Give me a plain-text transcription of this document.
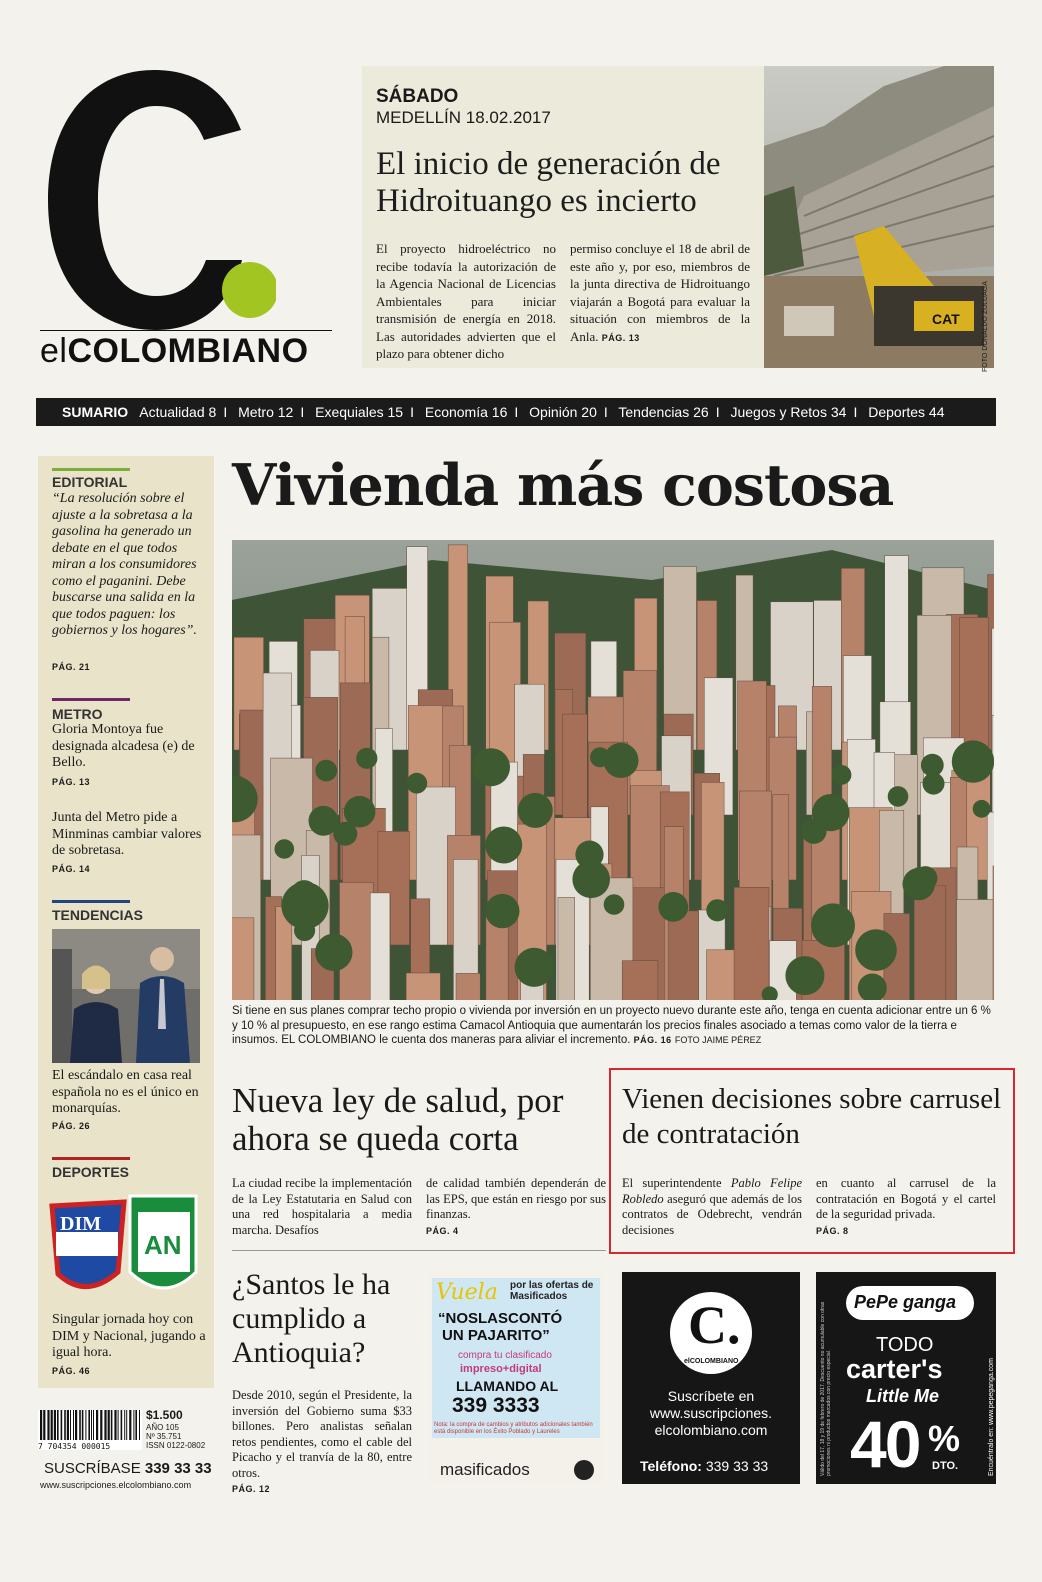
elCOLOMBIANO
SÁBADO
MEDELLÍN 18.02.2017
El inicio de generación de Hidroituango es incierto
El proyecto hidroeléctrico no recibe todavía la autorización de la Agencia Nacional de Licencias Ambientales para iniciar transmisión de energía en 2018. Las autoridades advierten que el plazo para obtener dicho
permiso concluye el 18 de abril de este año y, por eso, miembros de la junta directiva de Hidroituango viajarán a Bogotá para evaluar la situación con miembros de la Anla. PÁG. 13
CAT	FOTO DONALDO ZULUAGA
SUMARIO Actualidad 8 I Metro 12 I Exequiales 15 I Economía 16 I Opinión 20 I Tendencias 26 I Juegos y Retos 34 I Deportes 44
EDITORIAL
“La resolución sobre el ajuste a la sobretasa a la gasolina ha generado un debate en el que todos miran a los consumidores como el paganini. Debe buscarse una salida en la que todos paguen: los gobiernos y los hogares”.
PÁG. 21
METRO
Gloria Montoya fue designada alcadesa (e) de Bello.
PÁG. 13
Junta del Metro pide a Minminas cambiar valores de sobretasa.
PÁG. 14
TENDENCIAS
El escándalo en casa real española no es el único en monarquías.
PÁG. 26
DEPORTES
DIM
AN
Singular jornada hoy con DIM y Nacional, jugando a igual hora.
PÁG. 46
Vivienda más costosa
Si tiene en sus planes comprar techo propio o vivienda por inversión en un proyecto nuevo durante este año, tenga en cuenta adicionar entre un 6 % y 10 % al presupuesto, en ese rango estima Camacol Antioquia que aumentarán los precios finales asociado a temas como valor de la tierra e insumos. EL COLOMBIANO le cuenta dos maneras para aliviar el incremento. PÁG. 16 FOTO JAIME PÉREZ
Nueva ley de salud, por ahora se queda corta
La ciudad recibe la implementación de la Ley Estatutaria en Salud con una red hospitalaria a media marcha. Desafíos
de calidad también dependerán de las EPS, que están en riesgo por sus finanzas.
PÁG. 4
Vienen decisiones sobre carrusel de contratación
El superintendente Pablo Felipe Robledo aseguró que además de los contratos de Odebrecht, vendrán decisiones
en cuanto al carrusel de la contratación en Bogotá y el cartel de la seguridad privada.
PÁG. 8
¿Santos le ha cumplido a Antioquia?
Desde 2010, según el Presidente, la inversión del Gobierno suma $33 billones. Pero analistas señalan retos pendientes, como el cable del Picacho y el tranvía de la 80, entre otros.
PÁG. 12
Vuela por las ofertas de Masificados
“NOSLASCONTÓ
UN PAJARITO”
compra tu clasificado
impreso+digital
LLAMANDO AL
339 3333
Nota: la compra de cambios y atributos adicionales también está disponible en los Éxito Poblado y Laureles
masificados
C.
elCOLOMBIANO
Suscríbete en
www.suscripciones.
elcolombiano.com
Teléfono: 339 33 33
PePe ganga
TODO
carter's
Little Me
40 %
DTO.	Encuéntralo en: www.pepeganga.com
Válido del 17, 18 y 19 de febrero de 2017. Descuento no acumulable con otras promociones ni productos marcados con precio especial.
7 704354 000015
$1.500
AÑO 105
Nº 35.751
ISSN 0122-0802
SUSCRÍBASE 339 33 33
www.suscripciones.elcolombiano.com
